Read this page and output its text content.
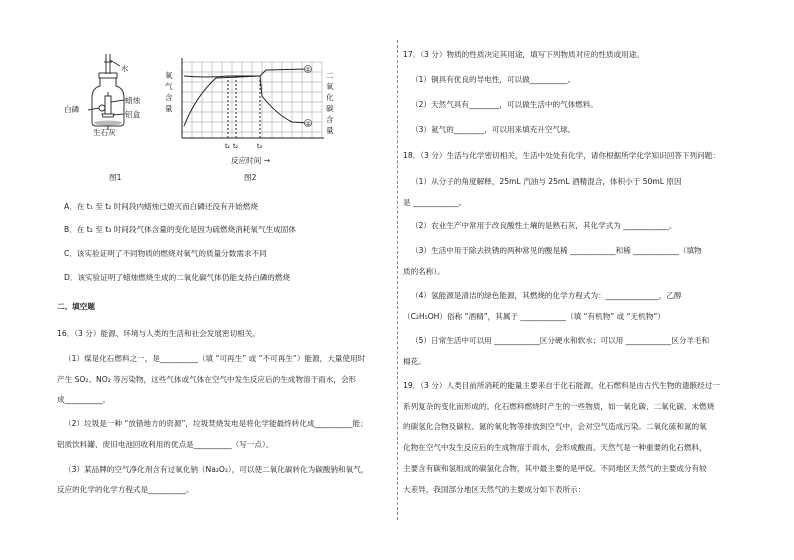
水
蜡烛
铝盒
白磷
生石灰
图1
氧气含量
二氧化碳含量
①
②
t₁ t₂	t₃
反应时间 →
图2
A．在 t₁ 至 t₂ 时间段内蜡烛已熄灭而白磷还没有开始燃烧
B．在 t₂ 至 t₃ 时间段气体含量的变化是因为硫燃烧消耗氧气生成固体
C．该实验证明了不同物质的燃烧对氧气的质量分数需求不同
D．该实验证明了蜡烛燃烧生成的二氧化碳气体仍能支持白磷的燃烧
二、填空题
16．（3 分）能源、环境与人类的生活和社会发展密切相关。
（1）煤是化石燃料之一，是__________（填 “可再生” 或 “不可再生”）能源，大量使用时
产生 SO₂、NO₂ 等污染物，这些气体或气体在空气中发生反应后的生成物溶于雨水，会形
成__________。
（2）垃圾是一种 “放错地方的资源”，垃圾焚烧发电是将化学能最终转化成__________能；
铝质饮料罐、废旧电池回收利用的优点是__________（写一点）。
（3）某品牌的空气净化剂含有过氧化钠（Na₂O₂），可以使二氧化碳转化为碳酸钠和氧气，
反应的化学的化学方程式是__________。
17．（3 分）物质的性质决定其用途，填写下列物质对应的性质或用途。
（1）铜具有优良的导电性，可以做__________。
（2）天然气具有________，可以做生活中的气体燃料。
（3）氦气的________，可以用来填充升空气球。
18．（3 分）生活与化学密切相关，生活中处处有化学，请你根据所学化学知识回答下列问题：
（1）从分子的角度解释，25mL 汽油与 25mL 酒精混合，体积小于 50mL 原因
是 ____________。
（2）农业生产中常用于改良酸性土壤的是熟石灰，其化学式为 ____________。
（3）生活中用于除去铁锈的两种常见的酸是稀 ____________和稀 ____________（填物
质的名称）。
（4）氢能源是清洁的绿色能源，其燃烧的化学方程式为：______________，乙醇
（C₂H₅OH）俗称 “酒精”，其属于 ____________（填 “有机物” 或 “无机物”）
（5）日常生活中可以用 ____________区分硬水和软水；可以用 ____________区分羊毛和
棉花。
19．（3 分）人类目前所消耗的能量主要来自于化石能源，化石燃料是由古代生物的遗骸经过一
系列复杂的变化而形成的。化石燃料燃烧时产生的一些物质，如一氧化碳、二氧化碳、未燃烧
的碳氢化合物及碳粒、氮的氧化物等排放到空气中，会对空气造成污染。二氧化硫和氮的氧
化物在空气中发生反应后的生成物溶于雨水，会形成酸雨。天然气是一种重要的化石燃料，
主要含有碳和氢组成的碳氢化合物，其中最主要的是甲烷。不同地区天然气的主要成分有较
大差异，我国部分地区天然气的主要成分如下表所示：
